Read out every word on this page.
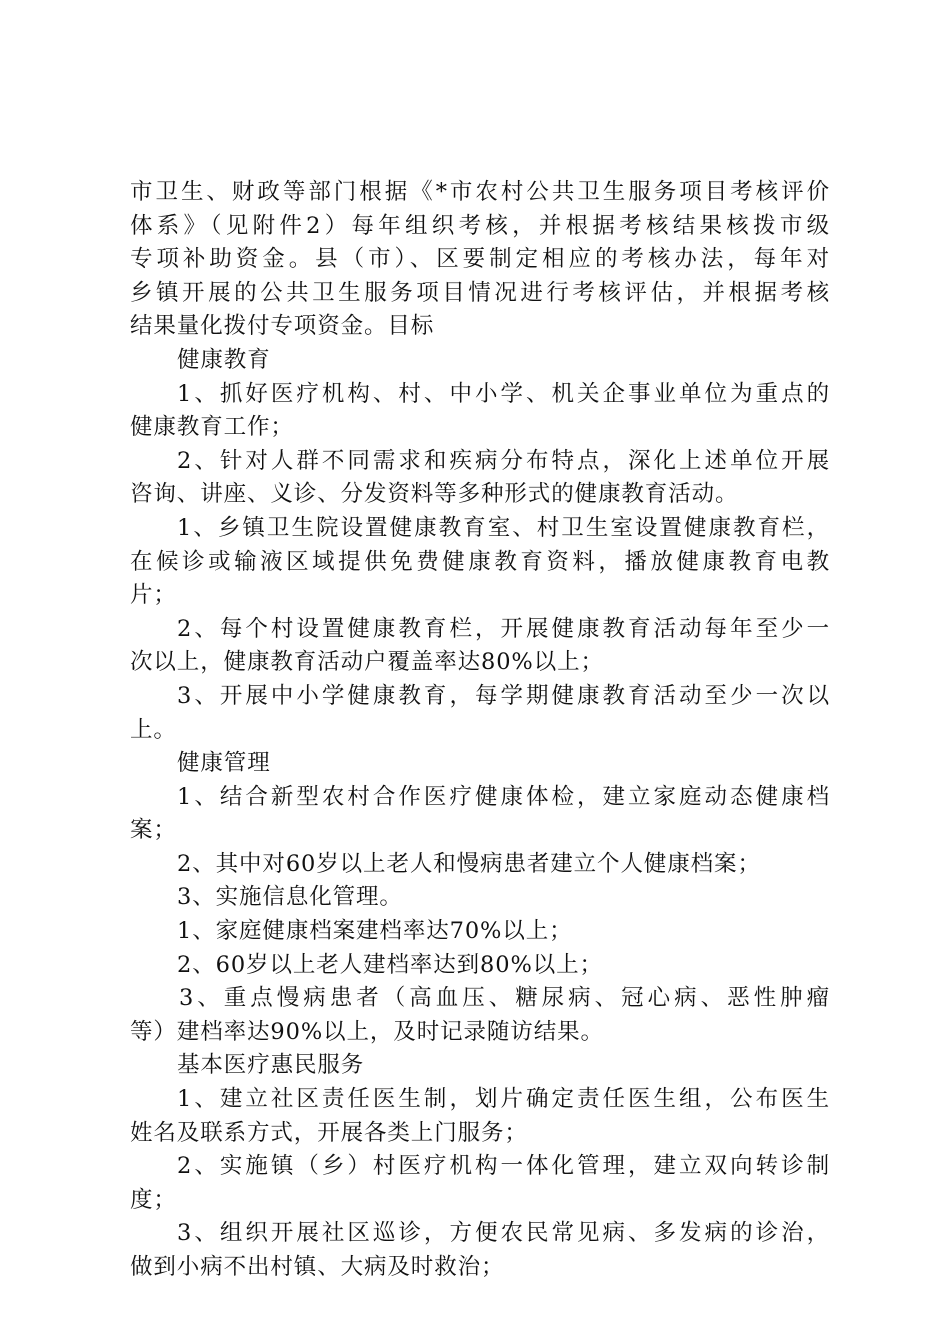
市卫生、财政等部门根据《*市农村公共卫生服务项目考核评价
体系》（见附件2）每年组织考核，并根据考核结果核拨市级
专项补助资金。县（市）、区要制定相应的考核办法，每年对
乡镇开展的公共卫生服务项目情况进行考核评估，并根据考核
结果量化拨付专项资金。目标
健康教育
1、抓好医疗机构、村、中小学、机关企事业单位为重点的
健康教育工作；
2、针对人群不同需求和疾病分布特点，深化上述单位开展
咨询、讲座、义诊、分发资料等多种形式的健康教育活动。
1、乡镇卫生院设置健康教育室、村卫生室设置健康教育栏，
在候诊或输液区域提供免费健康教育资料，播放健康教育电教
片；
2、每个村设置健康教育栏，开展健康教育活动每年至少一
次以上，健康教育活动户覆盖率达80%以上；
3、开展中小学健康教育，每学期健康教育活动至少一次以
上。
健康管理
1、结合新型农村合作医疗健康体检，建立家庭动态健康档
案；
2、其中对60岁以上老人和慢病患者建立个人健康档案；
3、实施信息化管理。
1、家庭健康档案建档率达70%以上；
2、60岁以上老人建档率达到80%以上；
3、重点慢病患者（高血压、糖尿病、冠心病、恶性肿瘤
等）建档率达90%以上，及时记录随访结果。
基本医疗惠民服务
1、建立社区责任医生制，划片确定责任医生组，公布医生
姓名及联系方式，开展各类上门服务；
2、实施镇（乡）村医疗机构一体化管理，建立双向转诊制
度；
3、组织开展社区巡诊，方便农民常见病、多发病的诊治，
做到小病不出村镇、大病及时救治；
